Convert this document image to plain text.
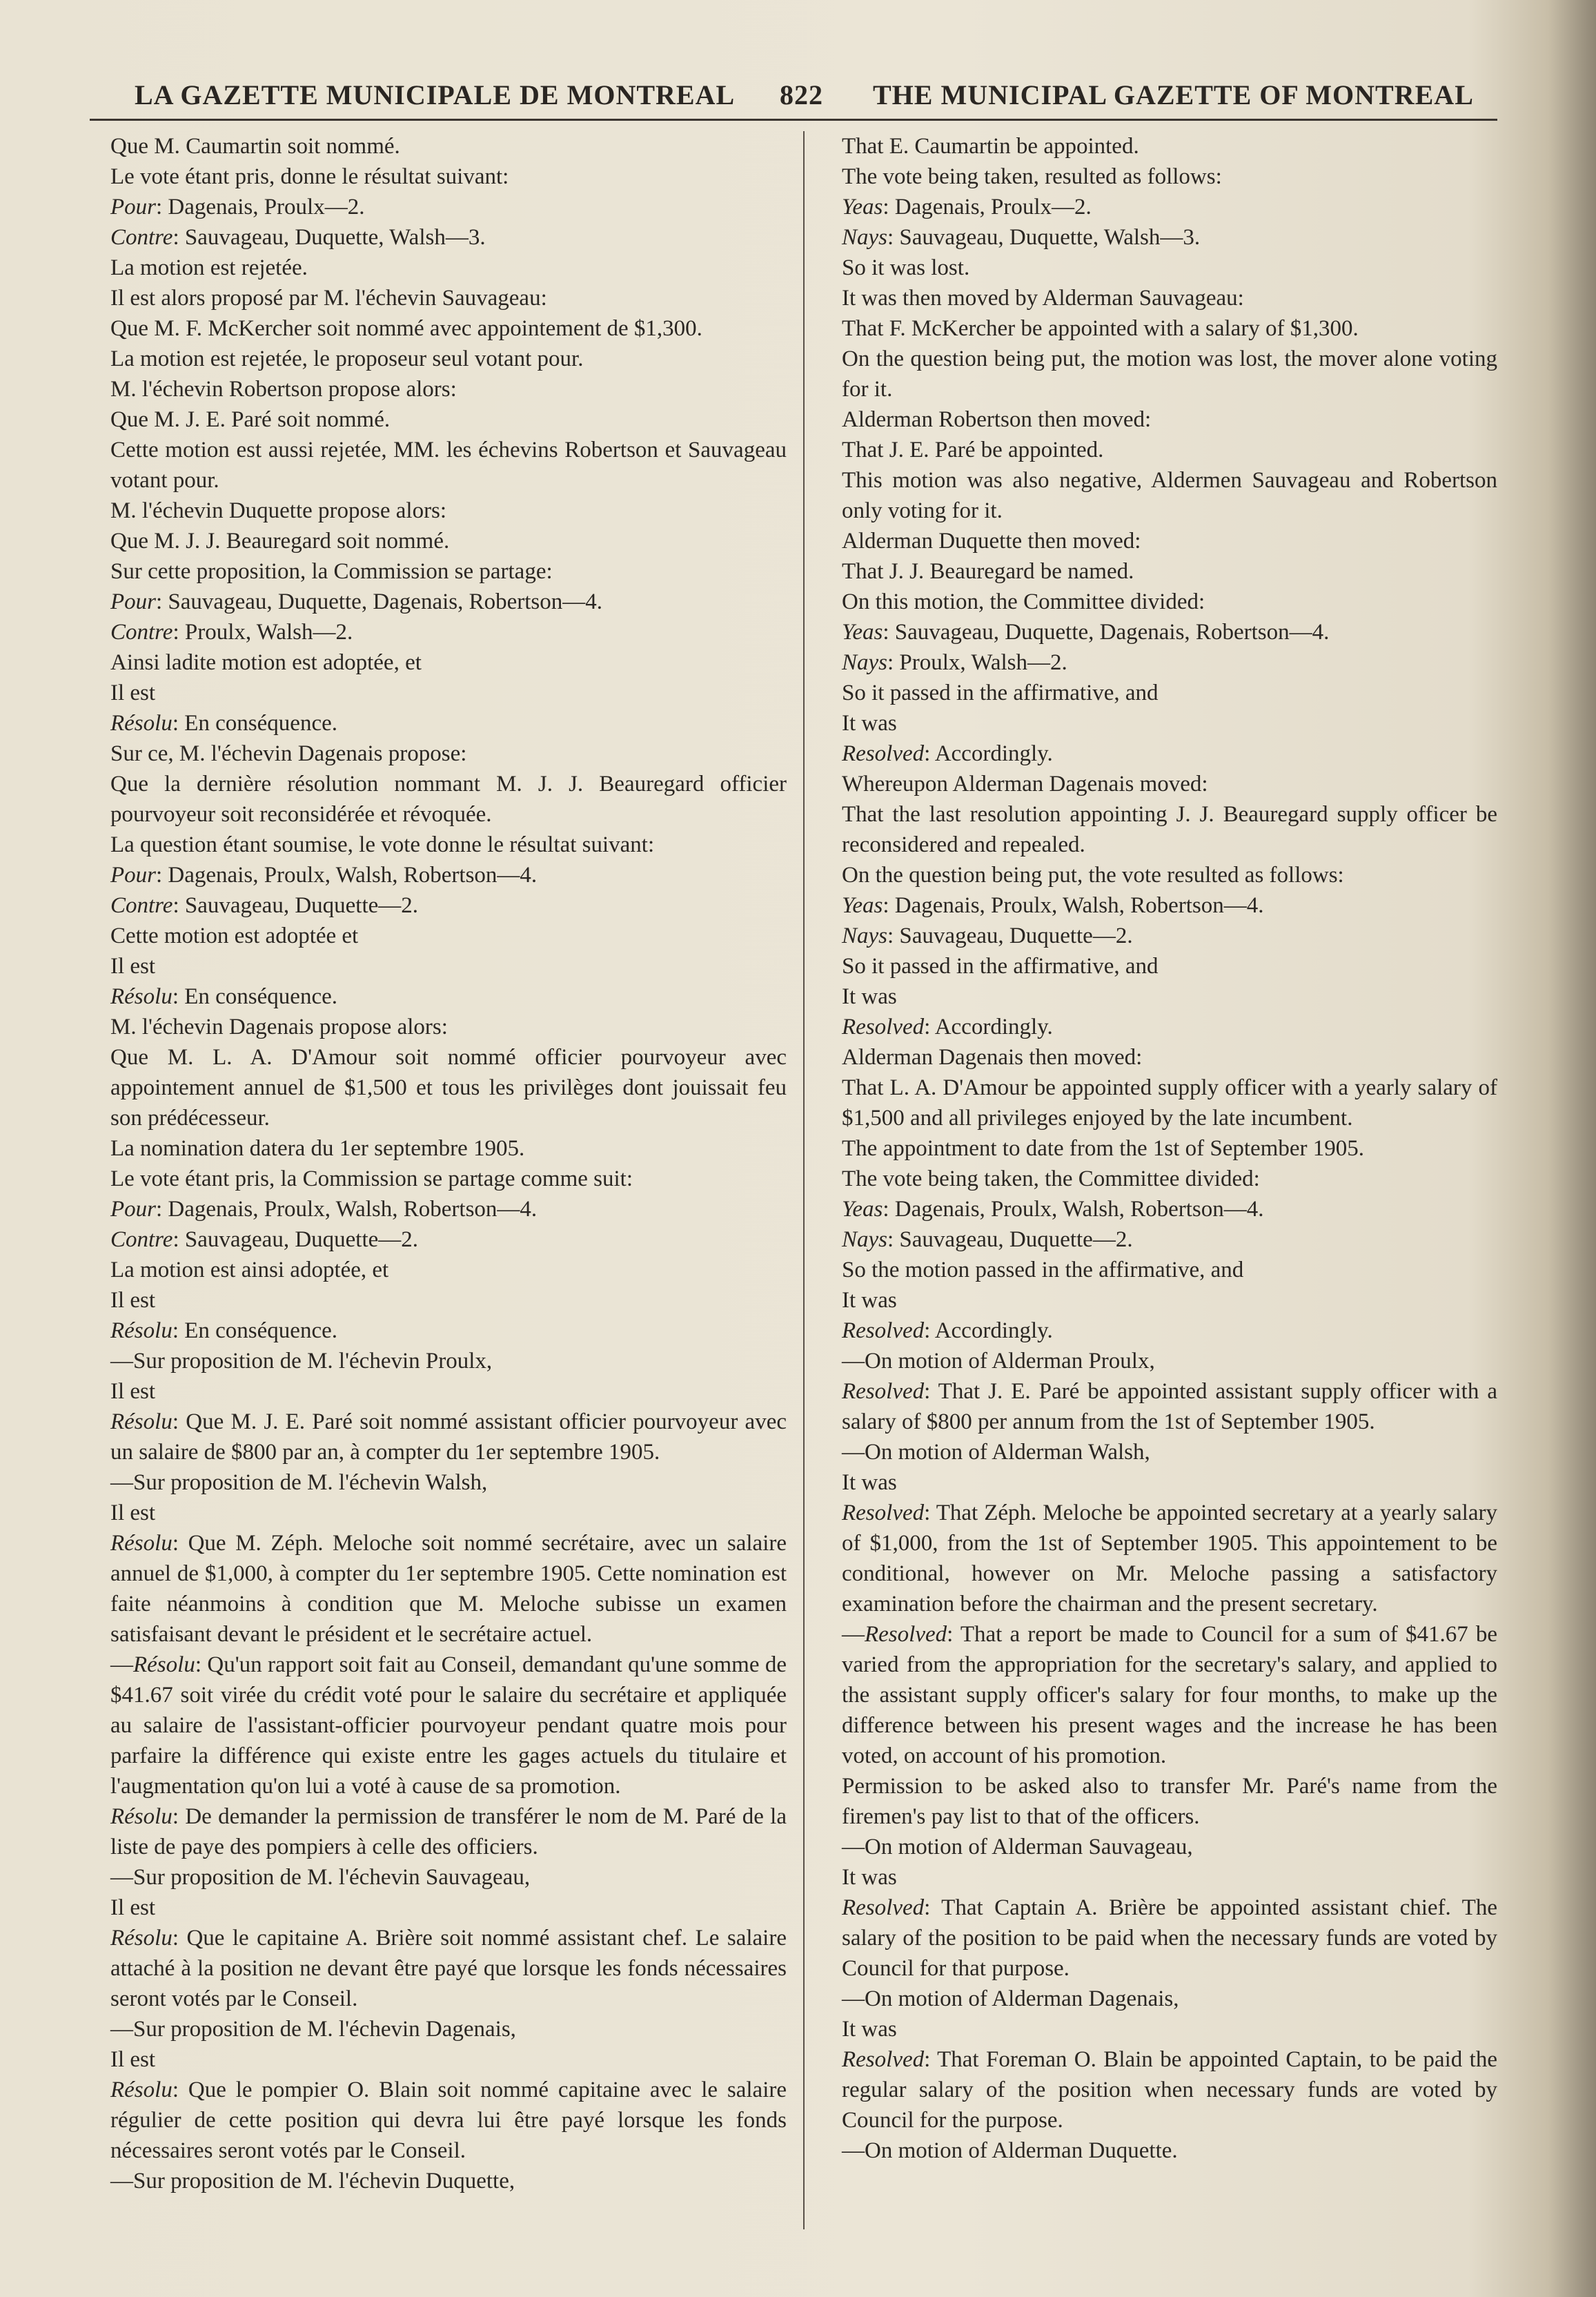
LA GAZETTE MUNICIPALE DE MONTREAL 822 THE MUNICIPAL GAZETTE OF MONTREAL

Que M. Caumartin soit nommé.

Le vote étant pris, donne le résultat suivant:

Pour: Dagenais, Proulx—2.

Contre: Sauvageau, Duquette, Walsh—3.

La motion est rejetée.

Il est alors proposé par M. l'échevin Sauvageau:

Que M. F. McKercher soit nommé avec appointement de $1,300.

La motion est rejetée, le proposeur seul votant pour.

M. l'échevin Robertson propose alors:

Que M. J. E. Paré soit nommé.

Cette motion est aussi rejetée, MM. les échevins Robertson et Sauvageau votant pour.

M. l'échevin Duquette propose alors:

Que M. J. J. Beauregard soit nommé.

Sur cette proposition, la Commission se partage:

Pour: Sauvageau, Duquette, Dagenais, Robertson—4.

Contre: Proulx, Walsh—2.

Ainsi ladite motion est adoptée, et

Il est

Résolu: En conséquence.

Sur ce, M. l'échevin Dagenais propose:

Que la dernière résolution nommant M. J. J. Beauregard officier pourvoyeur soit reconsidérée et révoquée.

La question étant soumise, le vote donne le résultat suivant:

Pour: Dagenais, Proulx, Walsh, Robertson—4.

Contre: Sauvageau, Duquette—2.

Cette motion est adoptée et

Il est

Résolu: En conséquence.

M. l'échevin Dagenais propose alors:

Que M. L. A. D'Amour soit nommé officier pourvoyeur avec appointement annuel de $1,500 et tous les privilèges dont jouissait feu son prédécesseur.

La nomination datera du 1er septembre 1905.

Le vote étant pris, la Commission se partage comme suit:

Pour: Dagenais, Proulx, Walsh, Robertson—4.

Contre: Sauvageau, Duquette—2.

La motion est ainsi adoptée, et

Il est

Résolu: En conséquence.

—Sur proposition de M. l'échevin Proulx,

Il est

Résolu: Que M. J. E. Paré soit nommé assistant officier pourvoyeur avec un salaire de $800 par an, à compter du 1er septembre 1905.

—Sur proposition de M. l'échevin Walsh,

Il est

Résolu: Que M. Zéph. Meloche soit nommé secrétaire, avec un salaire annuel de $1,000, à compter du 1er septembre 1905. Cette nomination est faite néanmoins à condition que M. Meloche subisse un examen satisfaisant devant le président et le secrétaire actuel.

—Résolu: Qu'un rapport soit fait au Conseil, demandant qu'une somme de $41.67 soit virée du crédit voté pour le salaire du secrétaire et appliquée au salaire de l'assistant-officier pourvoyeur pendant quatre mois pour parfaire la différence qui existe entre les gages actuels du titulaire et l'augmentation qu'on lui a voté à cause de sa promotion.

Résolu: De demander la permission de transférer le nom de M. Paré de la liste de paye des pompiers à celle des officiers.

—Sur proposition de M. l'échevin Sauvageau,

Il est

Résolu: Que le capitaine A. Brière soit nommé assistant chef. Le salaire attaché à la position ne devant être payé que lorsque les fonds nécessaires seront votés par le Conseil.

—Sur proposition de M. l'échevin Dagenais,

Il est

Résolu: Que le pompier O. Blain soit nommé capitaine avec le salaire régulier de cette position qui devra lui être payé lorsque les fonds nécessaires seront votés par le Conseil.

—Sur proposition de M. l'échevin Duquette,

That E. Caumartin be appointed.

The vote being taken, resulted as follows:

Yeas: Dagenais, Proulx—2.

Nays: Sauvageau, Duquette, Walsh—3.

So it was lost.

It was then moved by Alderman Sauvageau:

That F. McKercher be appointed with a salary of $1,300.

On the question being put, the motion was lost, the mover alone voting for it.

Alderman Robertson then moved:

That J. E. Paré be appointed.

This motion was also negative, Aldermen Sauvageau and Robertson only voting for it.

Alderman Duquette then moved:

That J. J. Beauregard be named.

On this motion, the Committee divided:

Yeas: Sauvageau, Duquette, Dagenais, Robertson—4.

Nays: Proulx, Walsh—2.

So it passed in the affirmative, and

It was

Resolved: Accordingly.

Whereupon Alderman Dagenais moved:

That the last resolution appointing J. J. Beauregard supply officer be reconsidered and repealed.

On the question being put, the vote resulted as follows:

Yeas: Dagenais, Proulx, Walsh, Robertson—4.

Nays: Sauvageau, Duquette—2.

So it passed in the affirmative, and

It was

Resolved: Accordingly.

Alderman Dagenais then moved:

That L. A. D'Amour be appointed supply officer with a yearly salary of $1,500 and all privileges enjoyed by the late incumbent.

The appointment to date from the 1st of September 1905.

The vote being taken, the Committee divided:

Yeas: Dagenais, Proulx, Walsh, Robertson—4.

Nays: Sauvageau, Duquette—2.

So the motion passed in the affirmative, and

It was

Resolved: Accordingly.

—On motion of Alderman Proulx,

Resolved: That J. E. Paré be appointed assistant supply officer with a salary of $800 per annum from the 1st of September 1905.

—On motion of Alderman Walsh,

It was

Resolved: That Zéph. Meloche be appointed secretary at a yearly salary of $1,000, from the 1st of September 1905. This appointement to be conditional, however on Mr. Meloche passing a satisfactory examination before the chairman and the present secretary.

—Resolved: That a report be made to Council for a sum of $41.67 be varied from the appropriation for the secretary's salary, and applied to the assistant supply officer's salary for four months, to make up the difference between his present wages and the increase he has been voted, on account of his promotion.

Permission to be asked also to transfer Mr. Paré's name from the firemen's pay list to that of the officers.

—On motion of Alderman Sauvageau,

It was

Resolved: That Captain A. Brière be appointed assistant chief. The salary of the position to be paid when the necessary funds are voted by Council for that purpose.

—On motion of Alderman Dagenais,

It was

Resolved: That Foreman O. Blain be appointed Captain, to be paid the regular salary of the position when necessary funds are voted by Council for the purpose.

—On motion of Alderman Duquette.
